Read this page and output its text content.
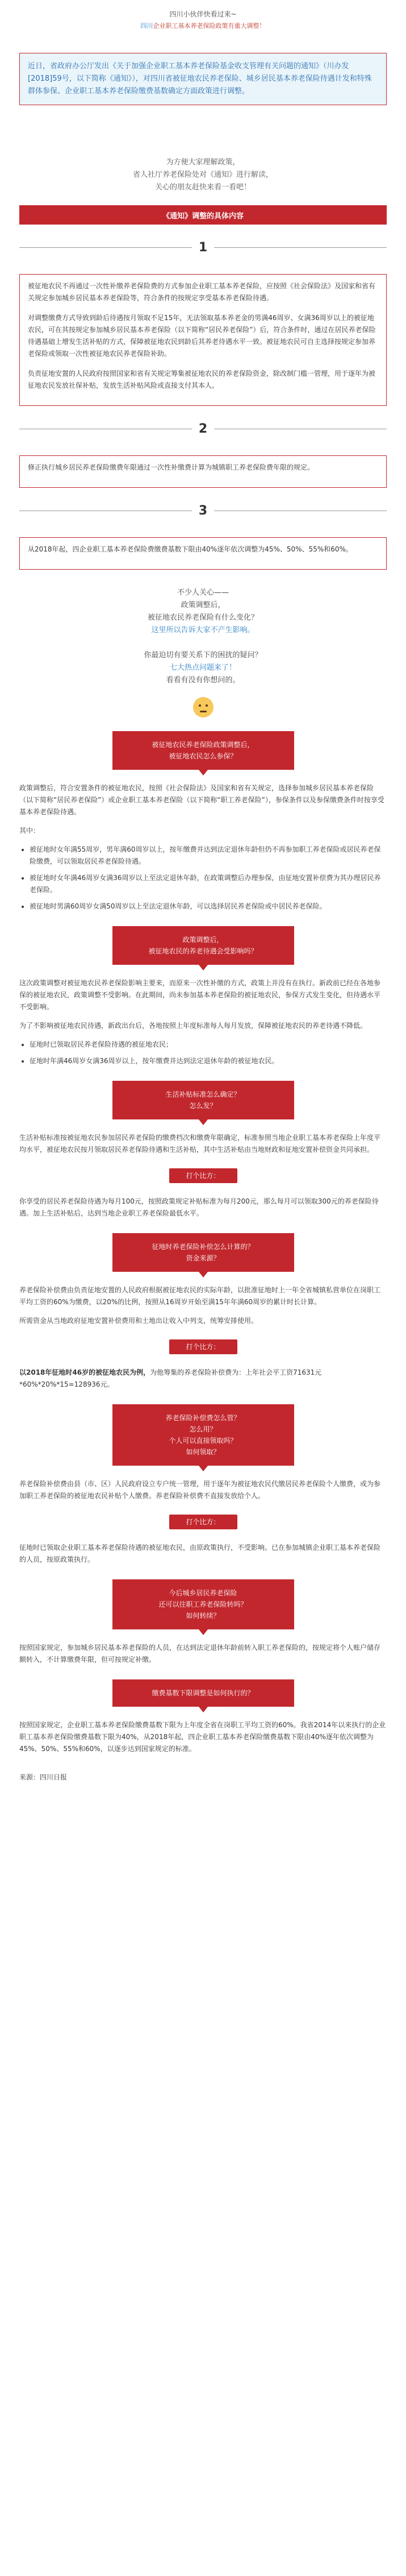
四川小伙伴快看过来~
四川企业职工基本养老保险政策有重大调整！
近日，省政府办公厅发出《关于加强企业职工基本养老保险基金收支管理有关问题的通知》（川办发[2018]59号，以下简称《通知》），对四川省被征地农民养老保险、城乡居民基本养老保险待遇计发和特殊群体参保、企业职工基本养老保险缴费基数确定方面政策进行调整。
为方便大家理解政策，
省人社厅养老保险处对《通知》进行解读，
关心的朋友赶快来看一看吧！
《通知》调整的具体内容
1

被征地农民不再通过一次性补缴养老保险费的方式参加企业职工基本养老保险，应按照《社会保险法》及国家和省有关规定参加城乡居民基本养老保险等，符合条件的按规定享受基本养老保险待遇。

对调整缴费方式导致到龄后待遇按月领取不足15年，无法领取基本养老金的男满46周岁、女满36周岁以上的被征地农民，可在其按规定参加城乡居民基本养老保险（以下简称“居民养老保险”）后，符合条件时，通过在居民养老保险待遇基础上增发生活补贴的方式，保障被征地农民到龄后其养老待遇水平一致。被征地农民可自主选择按规定参加养老保险或领取一次性被征地农民养老保险补助。

负责征地安置的人民政府按照国家和省有关规定筹集被征地农民的养老保险资金，除改制门槛一管理，用于逐年为被征地农民发放社保补贴，发放生活补贴风险或直接支付其本人。

2

修正执行城乡居民养老保险缴费年限通过一次性补缴费计算为城镇职工养老保险费年限的规定。

3

从2018年起，四企业职工基本养老保险费缴费基数下限由40%逐年依次调整为45%、50%、55%和60%。

不少人关心——
政策调整后，
被征地农民养老保险有什么变化？
这里所以告诉大家不产生影响。

你最迫切有要关系下的困扰的疑问？
七大热点问题来了！
看看有没有你想问的。
被征地农民养老保险政策调整后，
被征地农民怎么参保？

政策调整后，符合安置条件的被征地农民，按照《社会保险法》及国家和省有关规定，选择参加城乡居民基本养老保险（以下简称“居民养老保险”）或企业职工基本养老保险（以下简称“职工养老保险”），参保条件以及参保缴费条件时按享受基本养老保险待遇。

其中：

• 被征地时女年满55周岁，男年满60周岁以上，按年缴费并达到法定退休年龄但仍不再参加职工养老保险或居民养老保险缴费，可以领取居民养老保险待遇。
• 被征地时女年满46周岁女满36周岁以上至法定退休年龄，在政策调整后办理参保，由征地安置补偿费为其办理居民养老保险。
• 被征地时男满60周岁女满50周岁以上至法定退休年龄，可以选择居民养老保险或中居民养老保险。
政策调整后，
被征地农民的养老待遇会受影响吗？

这次政策调整对被征地农民养老保险影响主要来，而原来一次性补缴的方式，政策上并没有在执行。新政前已经在各地参保的被征地农民，政策调整不受影响。在此期间，尚未参加基本养老保险的被征地农民，参保方式发生变化，但待遇水平不受影响。

为了不影响被征地农民待遇，新政出台后，各地按照上年度标准每人每月发放，保障被征地农民的养老待遇不降低。

• 征地时已领取居民养老保险待遇的被征地农民；
• 征地时年满46周岁女满36周岁以上，按年缴费并达到法定退休年龄的被征地农民。
生活补贴标准怎么确定？
怎么发？

生活补贴标准按被征地农民参加居民养老保险的缴费档次和缴费年限确定，标准参照当地企业职工基本养老保险上年度平均水平，被征地农民按月领取居民养老保险待遇和生活补贴，其中生活补贴由当地财政和征地安置补偿资金共同承担。

打个比方：

你享受的居民养老保险待遇为每月100元，按照政策规定补贴标准为每月200元，那么每月可以领取300元的养老保险待遇。加上生活补贴后，达到当地企业职工养老保险最低水平。

征地时养老保险补偿怎么计算的？
资金来源？

养老保险补偿费由负责征地安置的人民政府根据被征地农民的实际年龄，以批准征地时上一年全省城镇私营单位在岗职工平均工资的60%为缴费，以20%的比例，按照从16周岁开始至满15年年满60周岁的累计时长计算。

所需资金从当地政府征地安置补偿费用和土地出让收入中列支，统筹安排使用。

打个比方：

以2018年征地时46岁的被征地农民为例，为他筹集的养老保险补偿费为：上年社会平工资71631元*60%*20%*15=128936元。

养老保险补偿费怎么管？
怎么用？
个人可以直接领取吗？
如何领取？

养老保险补偿费由县（市、区）人民政府设立专户统一管理，用于逐年为被征地农民代缴居民养老保险个人缴费，或为参加职工养老保险的被征地农民补贴个人缴费。养老保险补偿费不直接发放给个人。

打个比方：

征地时已领取企业职工基本养老保险待遇的被征地农民，由原政策执行，不受影响。已在参加城镇企业职工基本养老保险的人员，按原政策执行。

今后城乡居民养老保险
还可以往职工养老保险转吗？
如何转续？

按照国家规定，参加城乡居民基本养老保险的人员，在达到法定退休年龄前转入职工养老保险的，按规定将个人账户储存额转入，不计算缴费年限，但可按规定补缴。

缴费基数下限调整是如何执行的？

按照国家规定，企业职工基本养老保险缴费基数下限为上年度全省在岗职工平均工资的60%。我省2014年以来执行的企业职工基本养老保险缴费基数下限为40%，从2018年起，四企业职工基本养老保险缴费基数下限由40%逐年依次调整为45%、50%、55%和60%，以逐步达到国家规定的标准。

来源：四川日报
